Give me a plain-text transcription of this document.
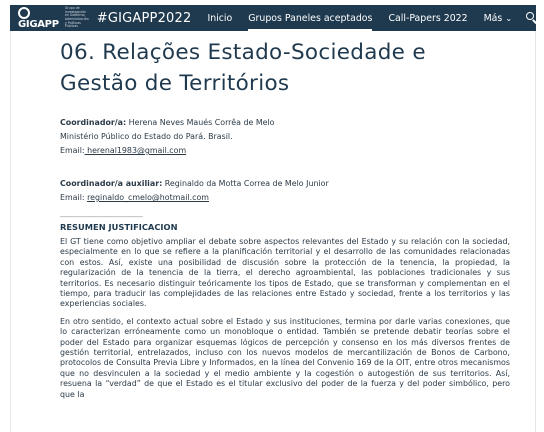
GIGAPP
Grupo de Investigación en Gobierno, Administración y Políticas Públicas
#GIGAPP2022 Inicio Grupos Paneles aceptados Call-Papers 2022 Más ⌄
06. Relações Estado-Sociedade e
Gestão de Territórios
Coordinador/a: Herena Neves Maués Corrêa de Melo
Ministério Público do Estado do Pará. Brasil.
Email: herenal1983@gmail.com
Coordinador/a auxiliar: Reginaldo da Motta Correa de Melo Junior
Email: reginaldo_cmelo@hotmail.com
____________________
RESUMEN JUSTIFICACION
El GT tiene como objetivo ampliar el debate sobre aspectos relevantes del Estado y su relación con la sociedad, especialmente en lo que se refiere a la planificación territorial y el desarrollo de las comunidades relacionadas con estos. Así, existe una posibilidad de discusión sobre la protección de la tenencia, la propiedad, la regularización de la tenencia de la tierra, el derecho agroambiental, las poblaciones tradicionales y sus territorios. Es necesario distinguir teóricamente los tipos de Estado, que se transforman y complementan en el tiempo, para traducir las complejidades de las relaciones entre Estado y sociedad, frente a los territorios y las experiencias sociales.
En otro sentido, el contexto actual sobre el Estado y sus instituciones, termina por darle varias conexiones, que lo caracterizan erróneamente como un monobloque o entidad. También se pretende debatir teorías sobre el poder del Estado para organizar esquemas lógicos de percepción y consenso en los más diversos frentes de gestión territorial, entrelazados, incluso con los nuevos modelos de mercantilización de Bonos de Carbono, protocolos de Consulta Previa Libre y Informados, en la línea del Convenio 169 de la OIT, entre otros mecanismos que no desvinculen a la sociedad y el medio ambiente y la cogestión o autogestión de sus territorios. Así, resuena la “verdad” de que el Estado es el titular exclusivo del poder de la fuerza y del poder simbólico, pero que la
